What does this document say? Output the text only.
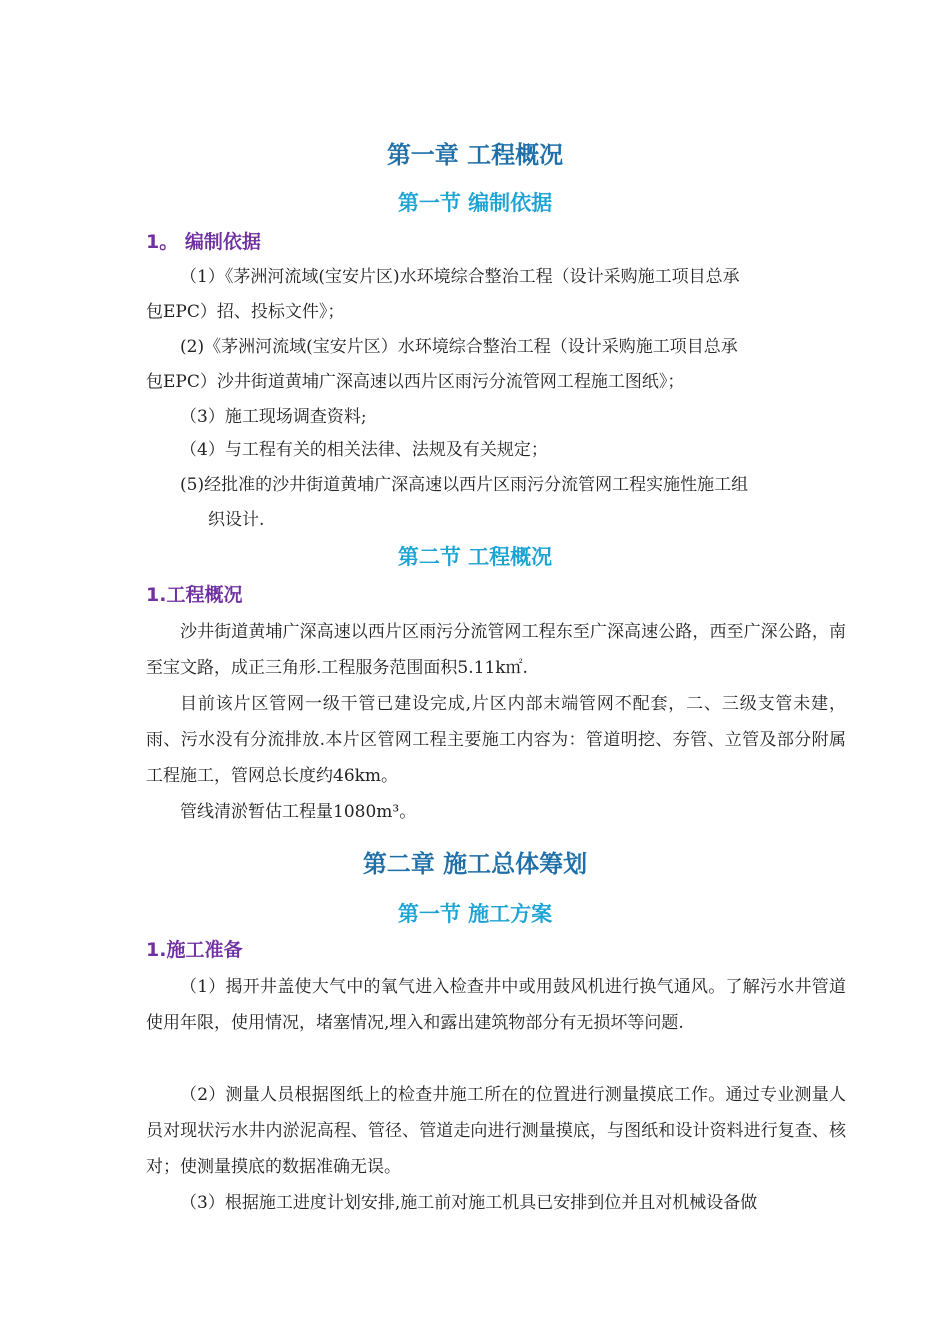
第一章 工程概况
第一节 编制依据
1。 编制依据
（1）《茅洲河流域(宝安片区)水环境综合整治工程（设计采购施工项目总承
包EPC）招、投标文件》；
(2)《茅洲河流域(宝安片区）水环境综合整治工程（设计采购施工项目总承
包EPC）沙井街道黄埔广深高速以西片区雨污分流管网工程施工图纸》；
（3）施工现场调查资料;
（4）与工程有关的相关法律、法规及有关规定；
(5)经批准的沙井街道黄埔广深高速以西片区雨污分流管网工程实施性施工组
织设计.
第二节 工程概况
1.工程概况

沙井街道黄埔广深高速以西片区雨污分流管网工程东至广深高速公路，西至广深公路，南至宝文路，成正三角形.工程服务范围面积5.11k㎡.

目前该片区管网一级干管已建设完成,片区内部末端管网不配套，二、三级支管未建，雨、污水没有分流排放.本片区管网工程主要施工内容为：管道明挖、夯管、立管及部分附属工程施工，管网总长度约46km。

管线清淤暂估工程量1080m³。

第二章 施工总体筹划
第一节 施工方案
1.施工准备

（1）揭开井盖使大气中的氧气进入检查井中或用鼓风机进行换气通风。了解污水井管道使用年限，使用情况，堵塞情况,埋入和露出建筑物部分有无损坏等问题.

（2）测量人员根据图纸上的检查井施工所在的位置进行测量摸底工作。通过专业测量人员对现状污水井内淤泥高程、管径、管道走向进行测量摸底，与图纸和设计资料进行复查、核对；使测量摸底的数据准确无误。

（3）根据施工进度计划安排,施工前对施工机具已安排到位并且对机械设备做
